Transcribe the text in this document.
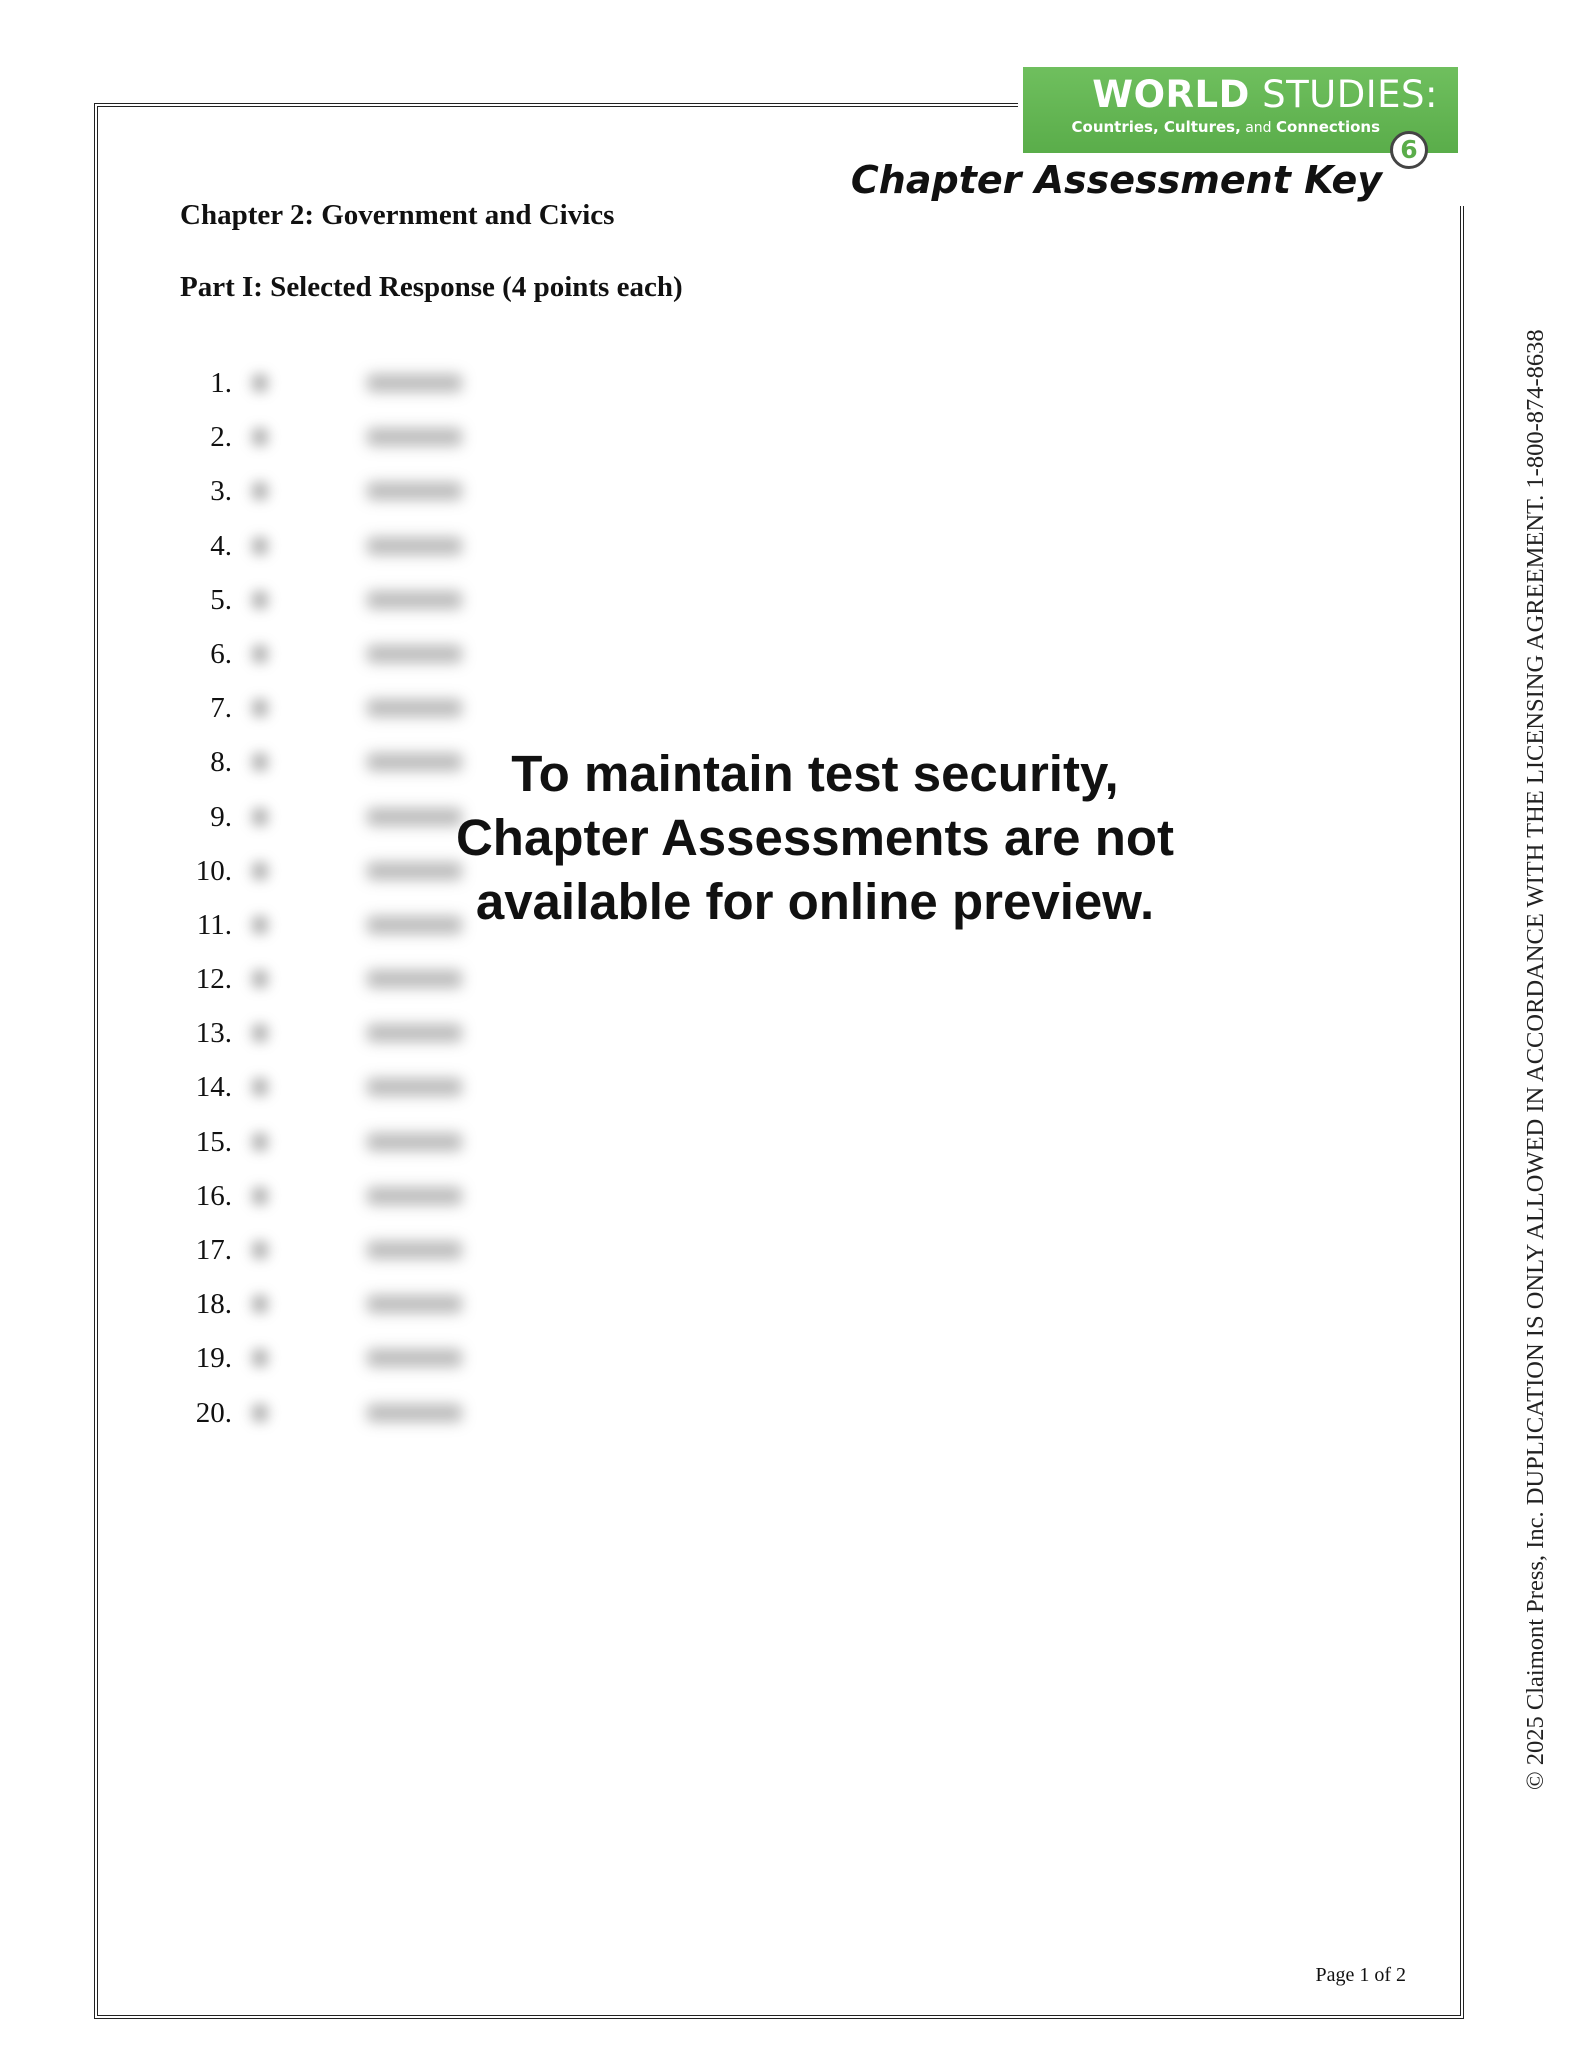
WORLD STUDIES:
Countries, Cultures, and Connections
6
Chapter Assessment Key
Chapter 2: Government and Civics
Part I: Selected Response (4 points each)
1.
2.
3.
4.
5.
6.
7.
8.
9.
10.
11.
12.
13.
14.
15.
16.
17.
18.
19.
20.
To maintain test security,
Chapter Assessments are not
available for online preview.	© 2025 Claimont Press, Inc. DUPLICATION IS ONLY ALLOWED IN ACCORDANCE WITH THE LICENSING AGREEMENT. 1-800-874-8638
Page 1 of 2
